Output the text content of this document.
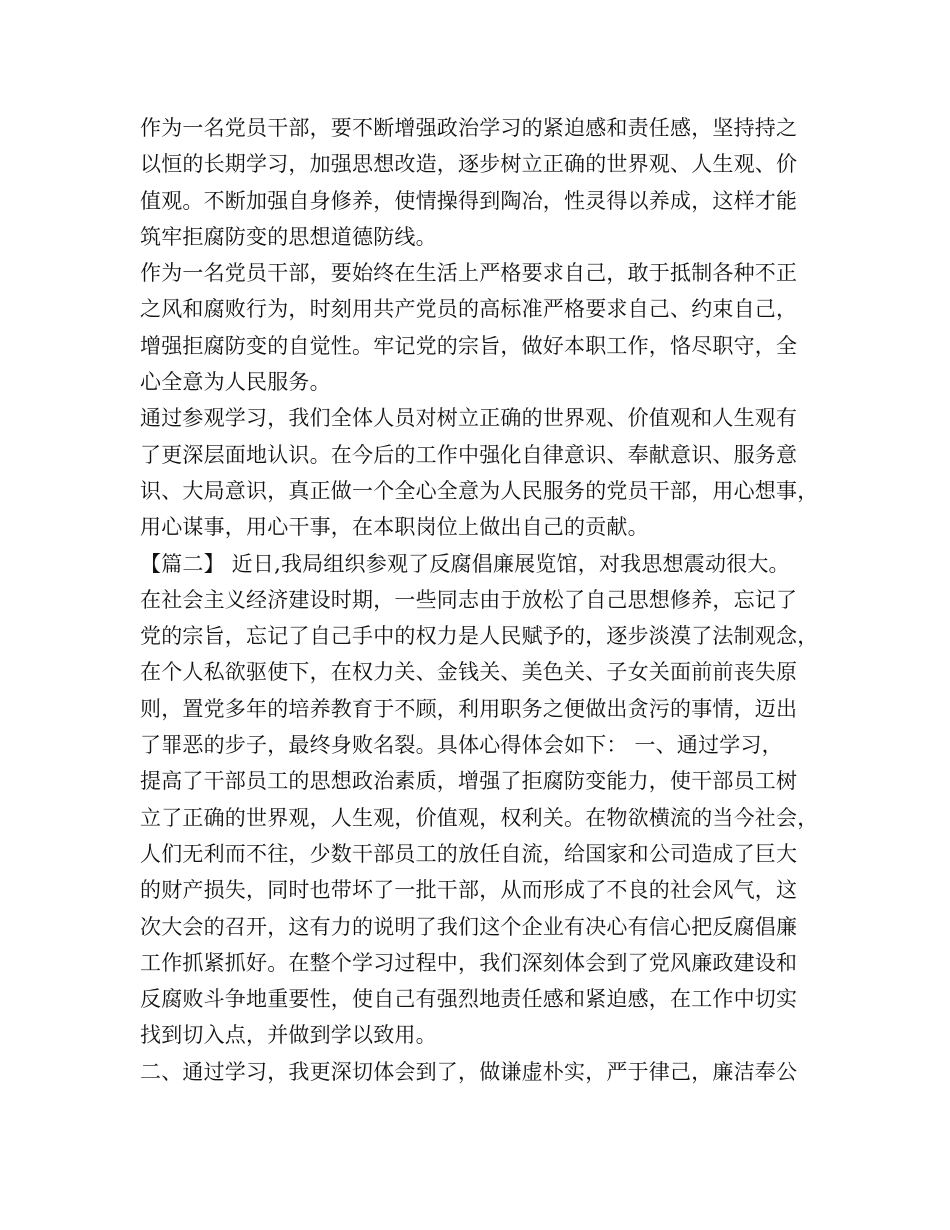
作为一名党员干部，要不断增强政治学习的紧迫感和责任感，坚持持之
以恒的长期学习，加强思想改造，逐步树立正确的世界观、人生观、价
值观。不断加强自身修养，使情操得到陶冶，性灵得以养成，这样才能
筑牢拒腐防变的思想道德防线。
作为一名党员干部，要始终在生活上严格要求自己，敢于抵制各种不正
之风和腐败行为，时刻用共产党员的高标准严格要求自己、约束自己，
增强拒腐防变的自觉性。牢记党的宗旨，做好本职工作，恪尽职守，全
心全意为人民服务。
通过参观学习，我们全体人员对树立正确的世界观、价值观和人生观有
了更深层面地认识。在今后的工作中强化自律意识、奉献意识、服务意
识、大局意识，真正做一个全心全意为人民服务的党员干部，用心想事，
用心谋事，用心干事，在本职岗位上做出自己的贡献。
【篇二】 近日,我局组织参观了反腐倡廉展览馆，对我思想震动很大。
在社会主义经济建设时期，一些同志由于放松了自己思想修养，忘记了
党的宗旨，忘记了自己手中的权力是人民赋予的，逐步淡漠了法制观念，
在个人私欲驱使下，在权力关、金钱关、美色关、子女关面前前丧失原
则，置党多年的培养教育于不顾，利用职务之便做出贪污的事情，迈出
了罪恶的步子，最终身败名裂。具体心得体会如下： 一、通过学习，
提高了干部员工的思想政治素质，增强了拒腐防变能力，使干部员工树
立了正确的世界观，人生观，价值观，权利关。在物欲横流的当今社会，
人们无利而不往，少数干部员工的放任自流，给国家和公司造成了巨大
的财产损失，同时也带坏了一批干部，从而形成了不良的社会风气，这
次大会的召开，这有力的说明了我们这个企业有决心有信心把反腐倡廉
工作抓紧抓好。在整个学习过程中，我们深刻体会到了党风廉政建设和
反腐败斗争地重要性，使自己有强烈地责任感和紧迫感，在工作中切实
找到切入点，并做到学以致用。
二、通过学习，我更深切体会到了，做谦虚朴实，严于律己，廉洁奉公
